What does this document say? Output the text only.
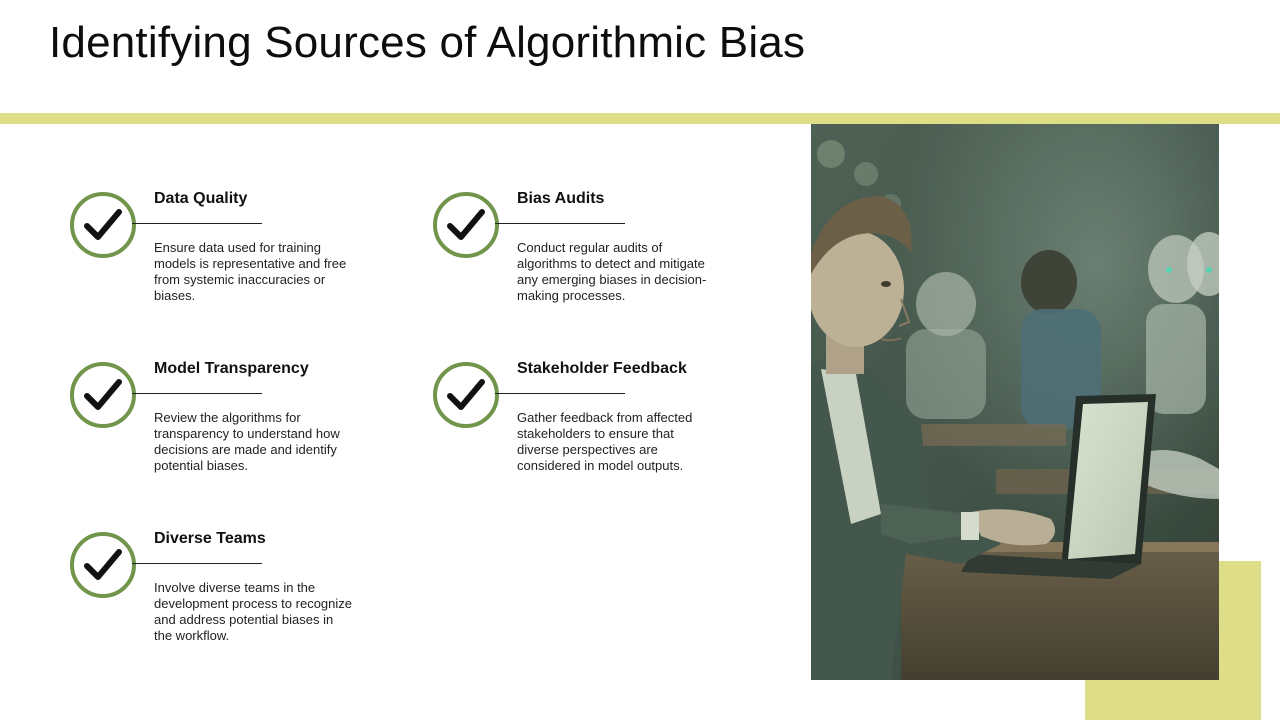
Identifying Sources of Algorithmic Bias
Data Quality
Ensure data used for training models is representative and free from systemic inaccuracies or biases.
Bias Audits
Conduct regular audits of algorithms to detect and mitigate any emerging biases in decision-making processes.
Model Transparency
Review the algorithms for transparency to understand how decisions are made and identify potential biases.
Stakeholder Feedback
Gather feedback from affected stakeholders to ensure that diverse perspectives are considered in model outputs.
Diverse Teams
Involve diverse teams in the development process to recognize and address potential biases in the workflow.
